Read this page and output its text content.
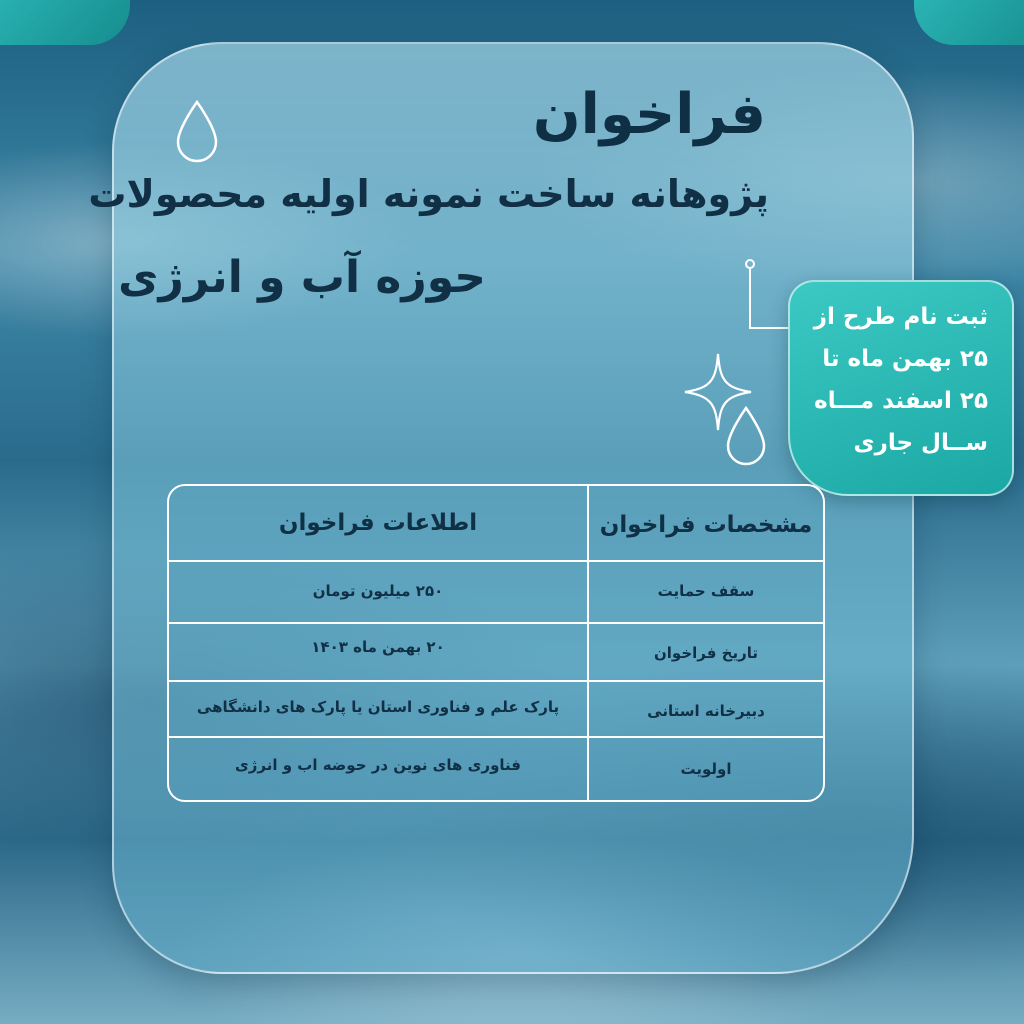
فراخوان
پژوهانه ساخت نمونه اولیه محصولات
حوزه آب و انرژی

ثبت نام طرح از

۲۵ بهمن ماه تا

۲۵ اسفند مـــاه

ســال جاری

مشخصات فراخوان

اطلاعات فراخوان

سقف حمایت

۲۵۰ میلیون تومان

تاریخ فراخوان

۲۰ بهمن ماه ۱۴۰۳

دبیرخانه استانی

پارک علم و فناوری استان یا پارک های دانشگاهی

اولویت

فناوری های نوین در حوضه اب و انرژی
